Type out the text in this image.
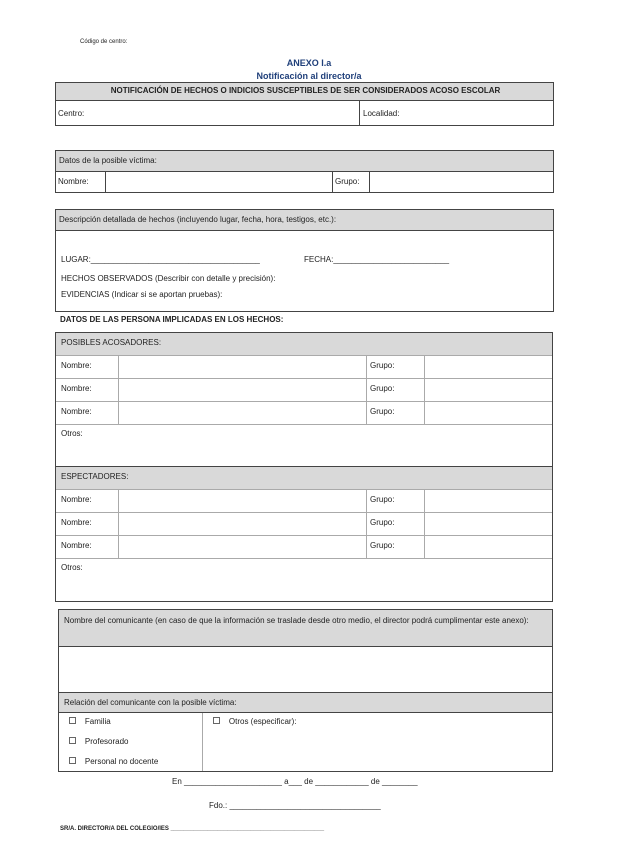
Código de centro:
ANEXO I.a
Notificación al director/a
NOTIFICACIÓN DE HECHOS O INDICIOS SUSCEPTIBLES DE SER CONSIDERADOS ACOSO ESCOLAR
Centro:	Localidad:
Datos de la posible víctima:
Nombre:	Grupo:
Descripción detallada de hechos (incluyendo lugar, fecha, hora, testigos, etc.):
LUGAR:______________________________________	FECHA:__________________________
HECHOS OBSERVADOS (Describir con detalle y precisión):
EVIDENCIAS (Indicar si se aportan pruebas):
DATOS DE LAS PERSONA IMPLICADAS EN LOS HECHOS:
POSIBLES ACOSADORES:
Nombre:	Grupo:
Nombre:	Grupo:
Nombre:	Grupo:
Otros:
ESPECTADORES:
Nombre:	Grupo:
Nombre:	Grupo:
Nombre:	Grupo:
Otros:
Nombre del comunicante (en caso de que la información se traslade desde otro medio, el director podrá cumplimentar este anexo):
Relación del comunicante con la posible víctima:
Familia
Profesorado
Personal no docente
Otros (especificar):
En ______________________ a___ de ____________ de ________
Fdo.: __________________________________
SR/A. DIRECTOR/A DEL COLEGIO/IES ______________________________________________
